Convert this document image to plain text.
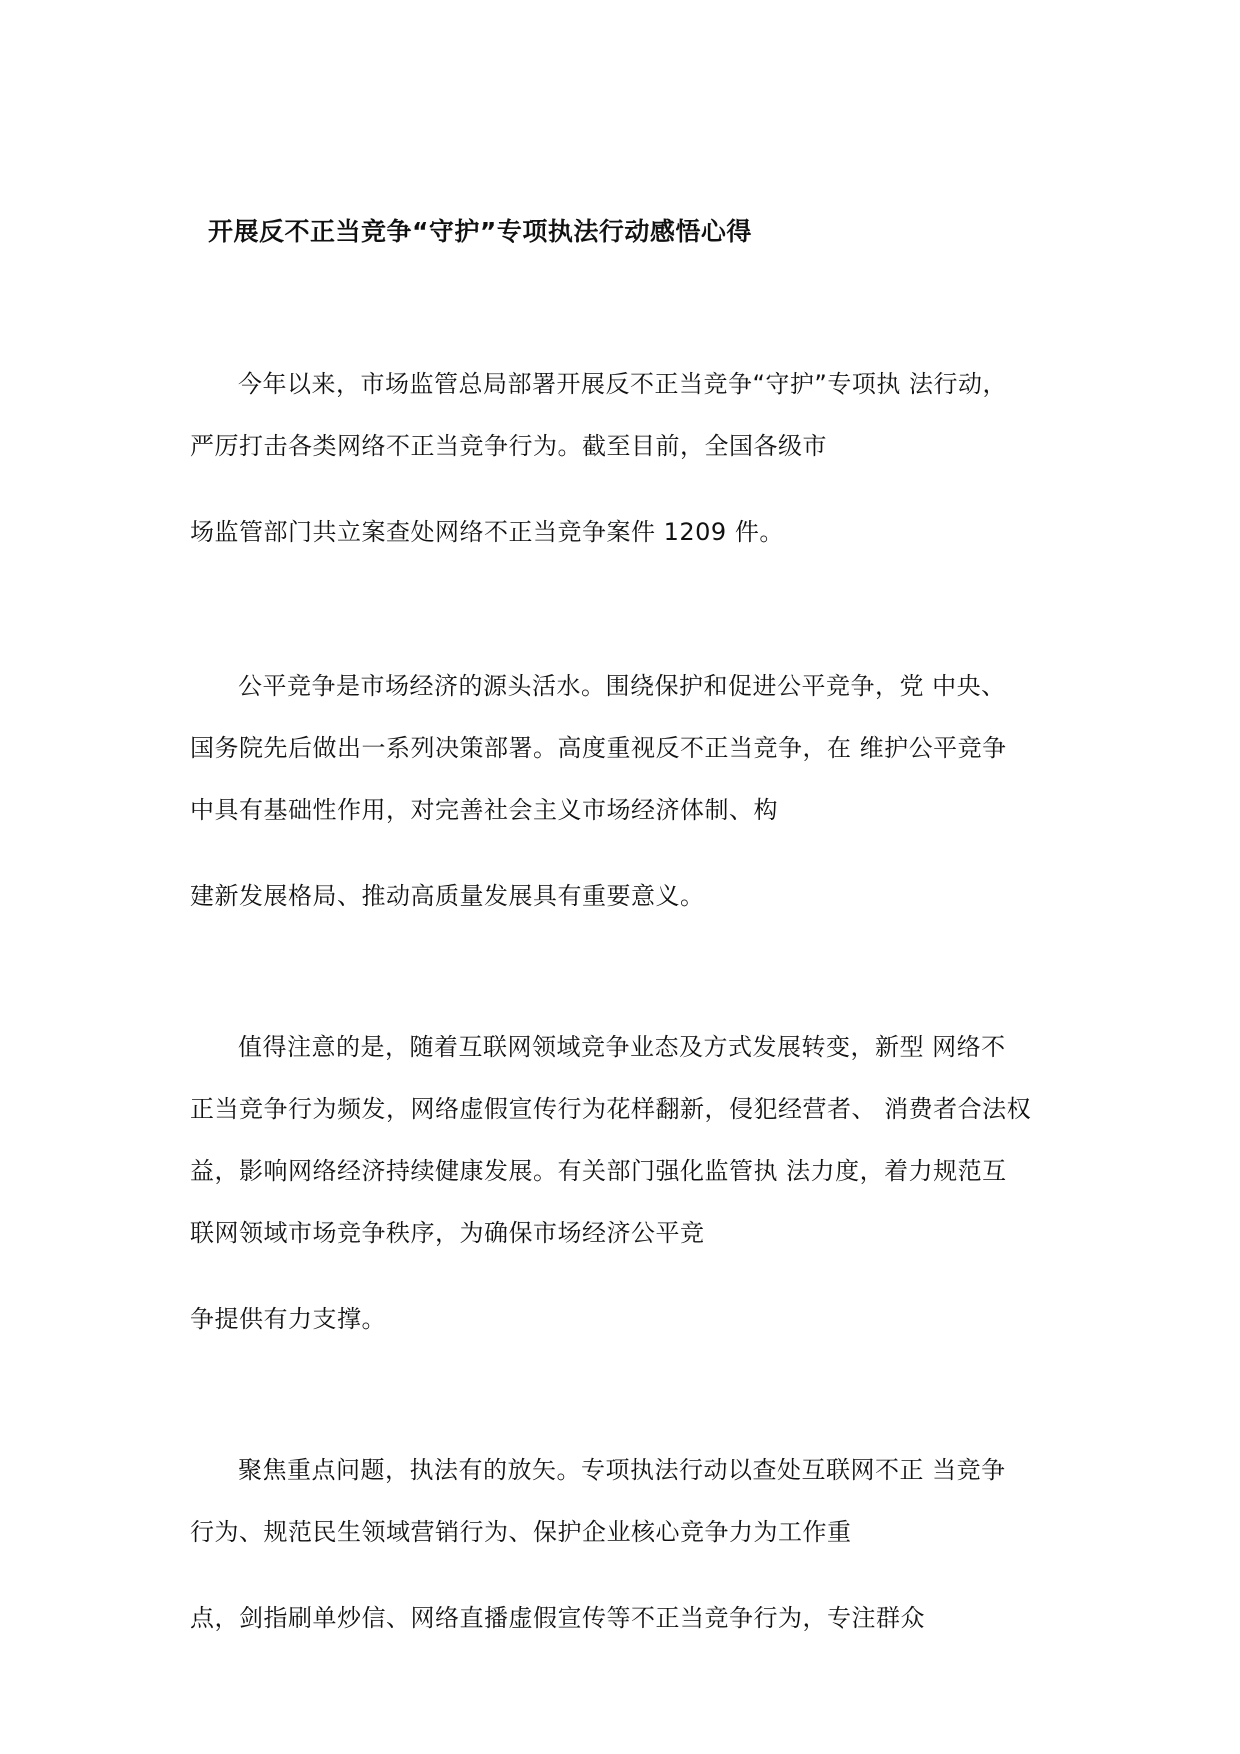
开展反不正当竞争“守护”专项执法行动感悟心得
今年以来，市场监管总局部署开展反不正当竞争“守护”专项执 法行动，
严厉打击各类网络不正当竞争行为。截至目前，全国各级市
场监管部门共立案查处网络不正当竞争案件 1209 件。
公平竞争是市场经济的源头活水。围绕保护和促进公平竞争，党 中央、
国务院先后做出一系列决策部署。高度重视反不正当竞争，在 维护公平竞争
中具有基础性作用，对完善社会主义市场经济体制、构
建新发展格局、推动高质量发展具有重要意义。
值得注意的是，随着互联网领域竞争业态及方式发展转变，新型 网络不
正当竞争行为频发，网络虚假宣传行为花样翻新，侵犯经营者、 消费者合法权
益，影响网络经济持续健康发展。有关部门强化监管执 法力度，着力规范互
联网领域市场竞争秩序，为确保市场经济公平竞
争提供有力支撑。
聚焦重点问题，执法有的放矢。专项执法行动以查处互联网不正 当竞争
行为、规范民生领域营销行为、保护企业核心竞争力为工作重
点，剑指刷单炒信、网络直播虚假宣传等不正当竞争行为，专注群众
